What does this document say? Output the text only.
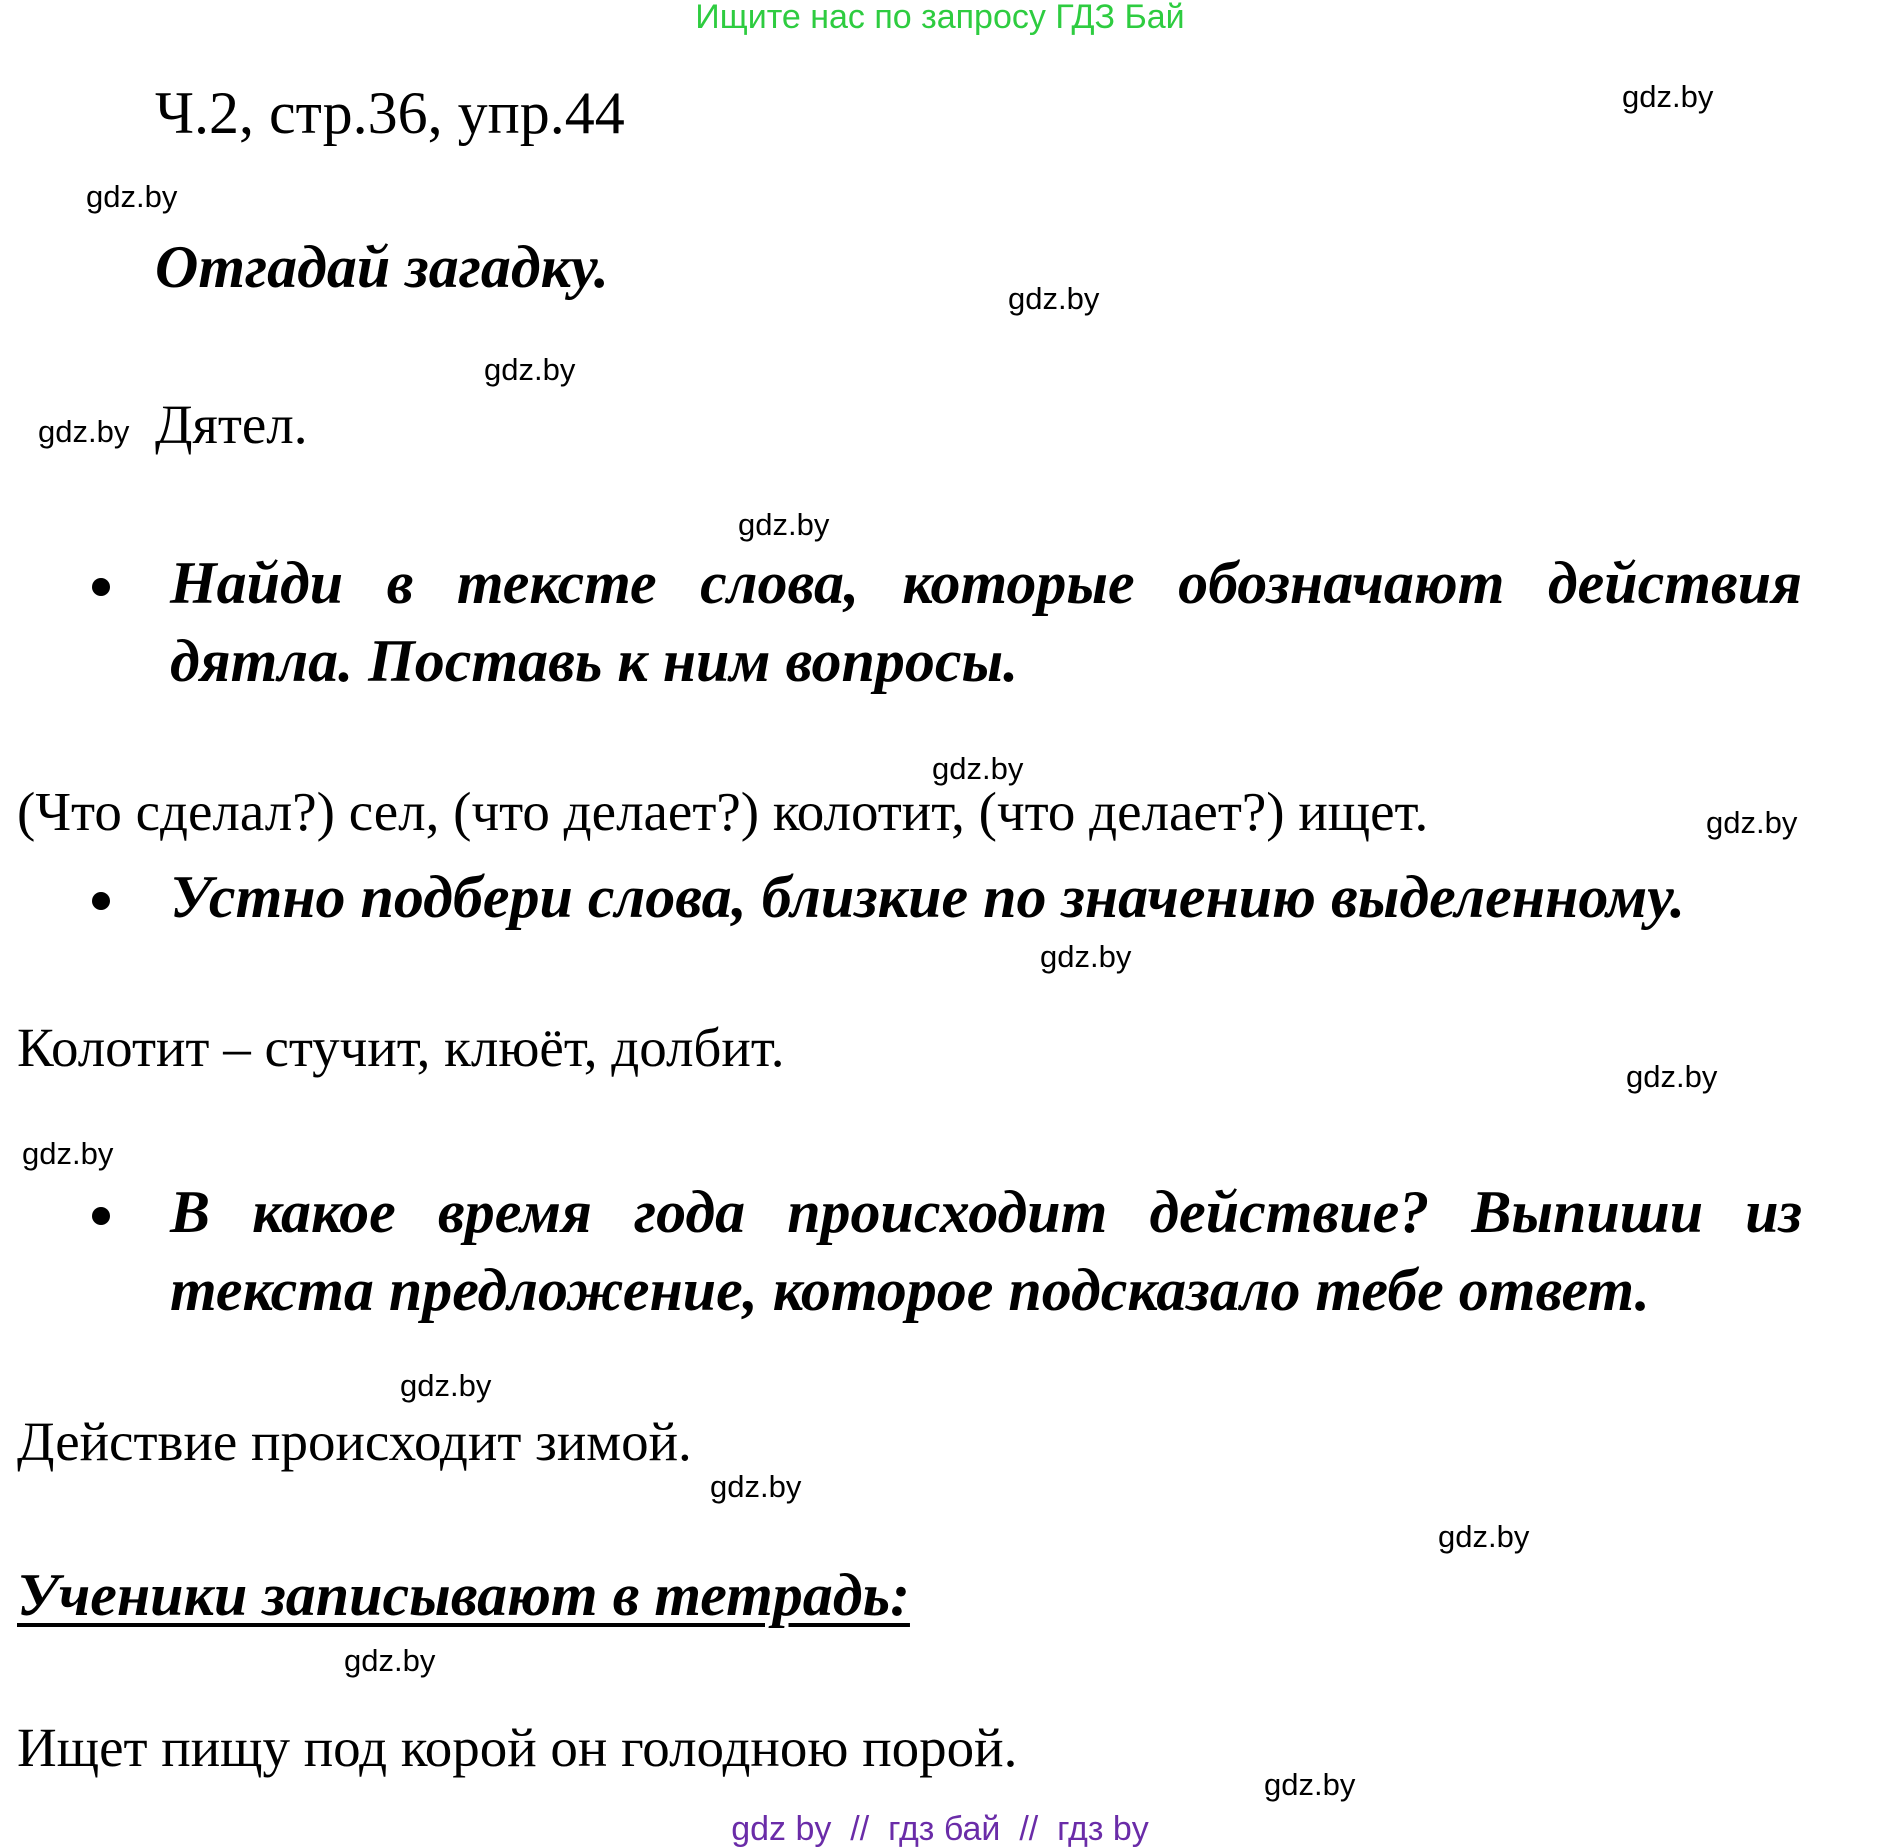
Ищите нас по запросу ГДЗ Бай
Ч.2, стр.36, упр.44
Отгадай загадку.
Дятел.
Найди в тексте слова, которые обозначают действия дятла. Поставь к ним вопросы.
(Что сделал?) сел, (что делает?) колотит, (что делает?) ищет.
Устно подбери слова, близкие по значению выделенному.
Колотит – стучит, клюёт, долбит.
В какое время года происходит действие? Выпиши из текста предложение, которое подсказало тебе ответ.
Действие происходит зимой.
Ученики записывают в тетрадь:
Ищет пищу под корой он голодною порой.
gdz.by
gdz.by
gdz.by
gdz.by
gdz.by
gdz.by
gdz.by
gdz.by
gdz.by
gdz.by
gdz.by
gdz.by
gdz.by
gdz.by
gdz.by
gdz.by
gdz by  //  гдз бай  //  гдз by
